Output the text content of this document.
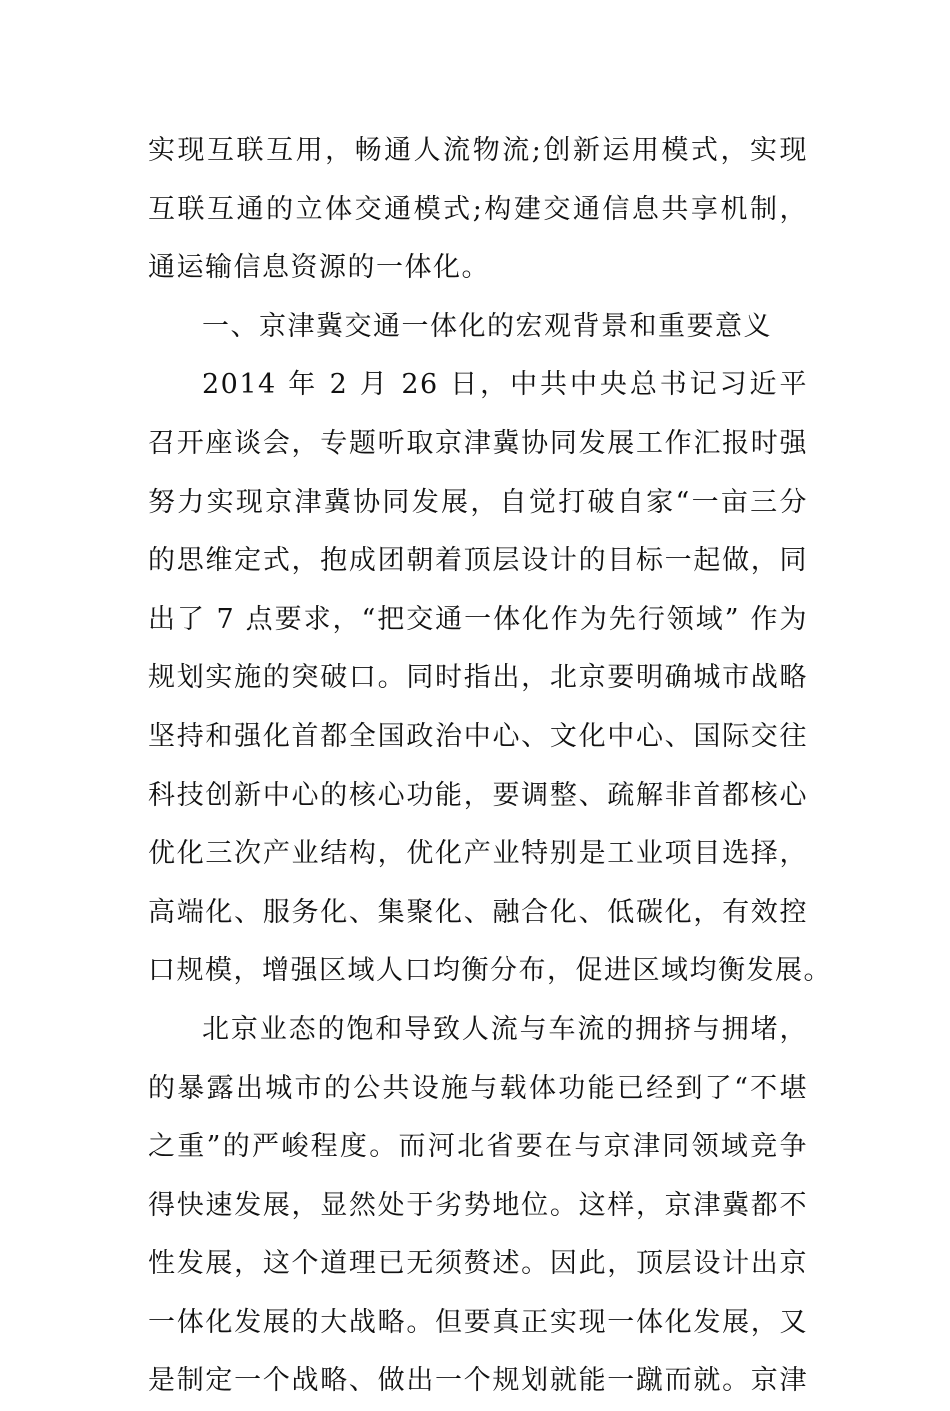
实现互联互用，畅通人流物流;创新运用模式，实现
互联互通的立体交通模式;构建交通信息共享机制，
通运输信息资源的一体化。
一、京津冀交通一体化的宏观背景和重要意义
2014 年 2 月 26 日，中共中央总书记习近平
召开座谈会，专题听取京津冀协同发展工作汇报时强
努力实现京津冀协同发展，自觉打破自家“一亩三分
的思维定式，抱成团朝着顶层设计的目标一起做，同
出了 7 点要求，“把交通一体化作为先行领域” 作为
规划实施的突破口。同时指出，北京要明确城市战略
坚持和强化首都全国政治中心、文化中心、国际交往
科技创新中心的核心功能，要调整、疏解非首都核心
优化三次产业结构，优化产业特别是工业项目选择，
高端化、服务化、集聚化、融合化、低碳化，有效控
口规模，增强区域人口均衡分布，促进区域均衡发展。
北京业态的饱和导致人流与车流的拥挤与拥堵，
的暴露出城市的公共设施与载体功能已经到了“不堪
之重”的严峻程度。而河北省要在与京津同领域竞争
得快速发展，显然处于劣势地位。这样，京津冀都不
性发展，这个道理已无须赘述。因此，顶层设计出京
一体化发展的大战略。但要真正实现一体化发展，又
是制定一个战略、做出一个规划就能一蹴而就。京津
